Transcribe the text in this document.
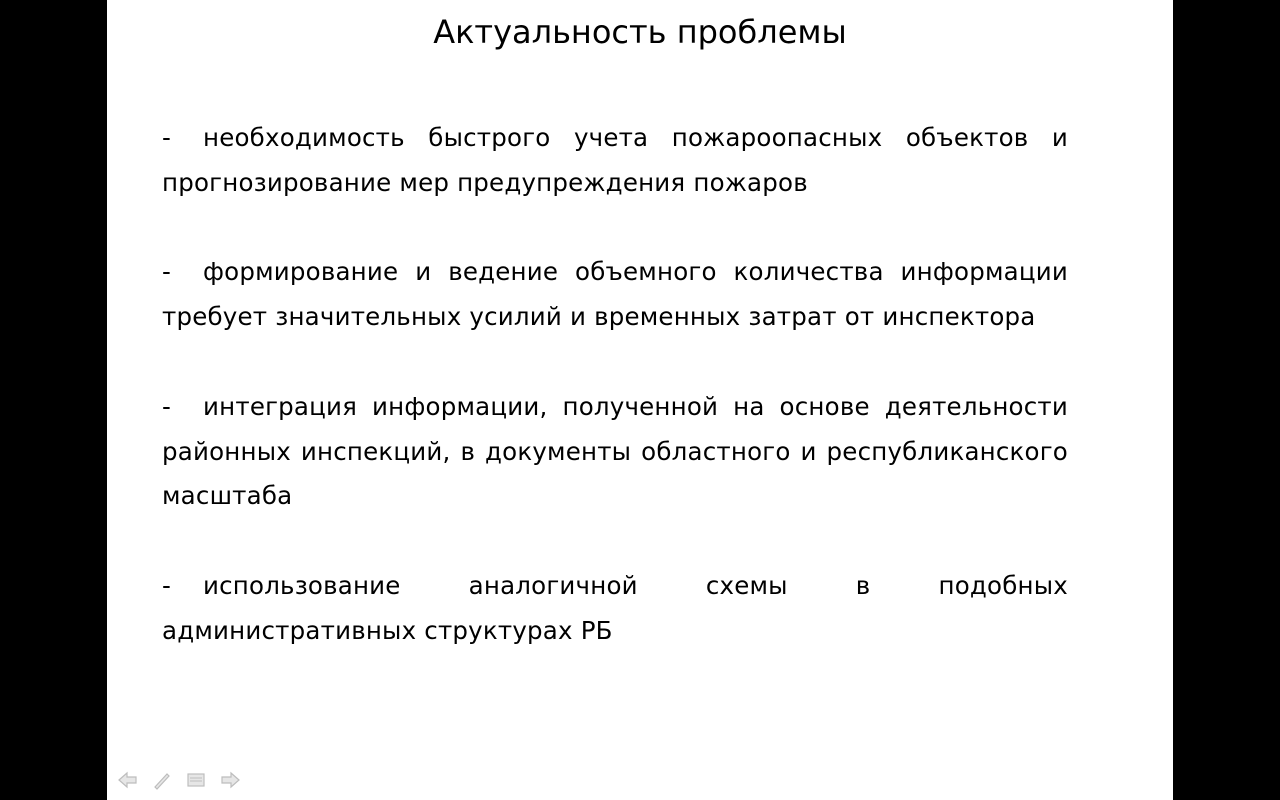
Актуальность проблемы
- необходимость быстрого учета пожароопасных объектов и прогнозирование мер предупреждения пожаров
- формирование и ведение объемного количества информации требует значительных усилий и временных затрат от инспектора
- интеграция информации, полученной на основе деятельности районных инспекций, в документы областного и республиканского масштаба
- использование аналогичной схемы в подобных административных структурах РБ
